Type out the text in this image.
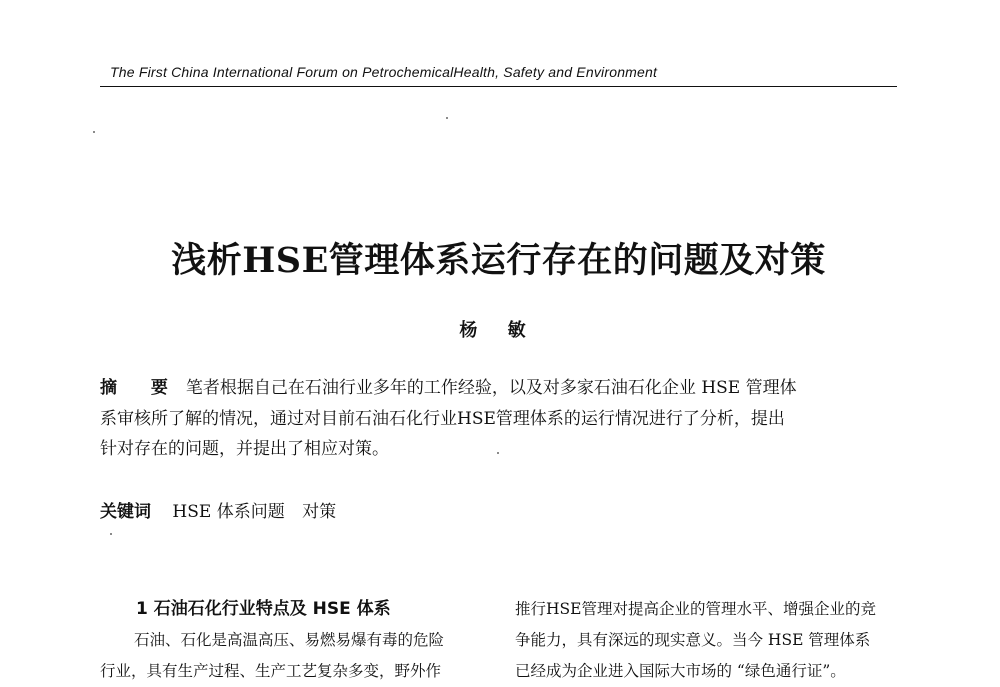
The First China International Forum on PetrochemicalHealth, Safety and Environment
浅析HSE管理体系运行存在的问题及对策
杨 敏
摘 要 笔者根据自己在石油行业多年的工作经验，以及对多家石油石化企业 HSE 管理体
系审核所了解的情况，通过对目前石油石化行业HSE管理体系的运行情况进行了分析，提出
针对存在的问题，并提出了相应对策。
关键词 HSE 体系问题 对策
1 石油石化行业特点及 HSE 体系
石油、石化是高温高压、易燃易爆有毒的危险
行业，具有生产过程、生产工艺复杂多变，野外作
推行HSE管理对提高企业的管理水平、增强企业的竞
争能力，具有深远的现实意义。当今 HSE 管理体系
已经成为企业进入国际大市场的 “绿色通行证”。
